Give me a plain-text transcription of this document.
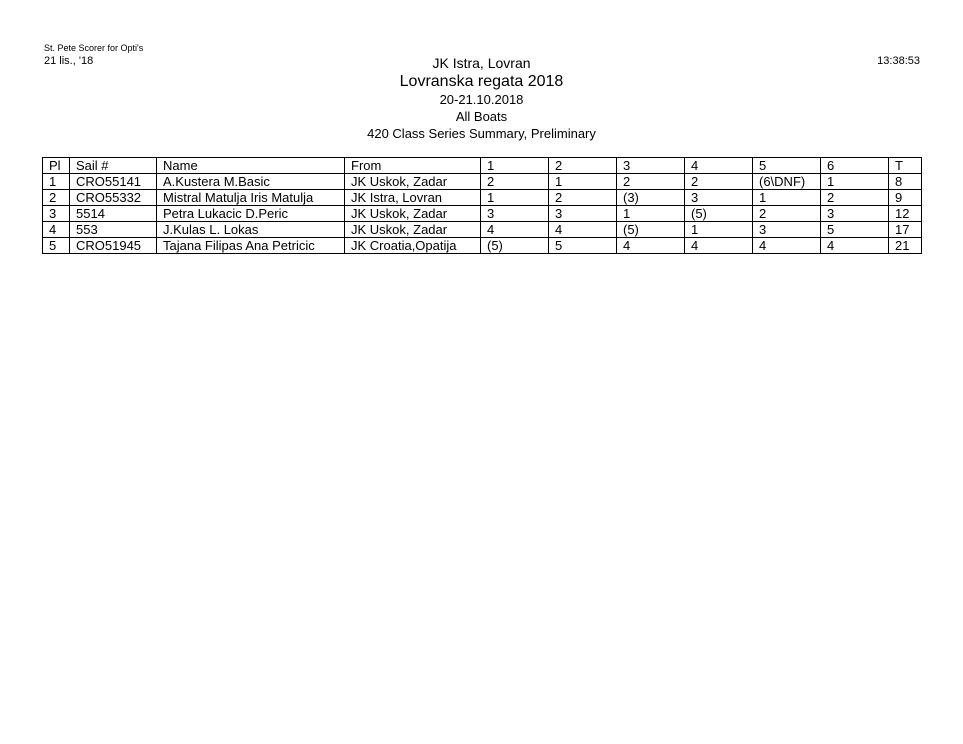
St. Pete Scorer for Opti's
21 lis., '18	13:38:53
JK Istra, Lovran
Lovranska regata 2018
20-21.10.2018
All Boats
420 Class Series Summary, Preliminary
Pl	Sail #	Name	From	1	2	3	4	5	6	T
1	CRO55141	A.Kustera M.Basic	JK Uskok, Zadar	2	1	2	2	(6\DNF)	1	8
2	CRO55332	Mistral Matulja Iris Matulja	JK Istra, Lovran	1	2	(3)	3	1	2	9
3	5514	Petra Lukacic D.Peric	JK Uskok, Zadar	3	3	1	(5)	2	3	12
4	553	J.Kulas L. Lokas	JK Uskok, Zadar	4	4	(5)	1	3	5	17
5	CRO51945	Tajana Filipas Ana Petricic	JK Croatia,Opatija	(5)	5	4	4	4	4	21
